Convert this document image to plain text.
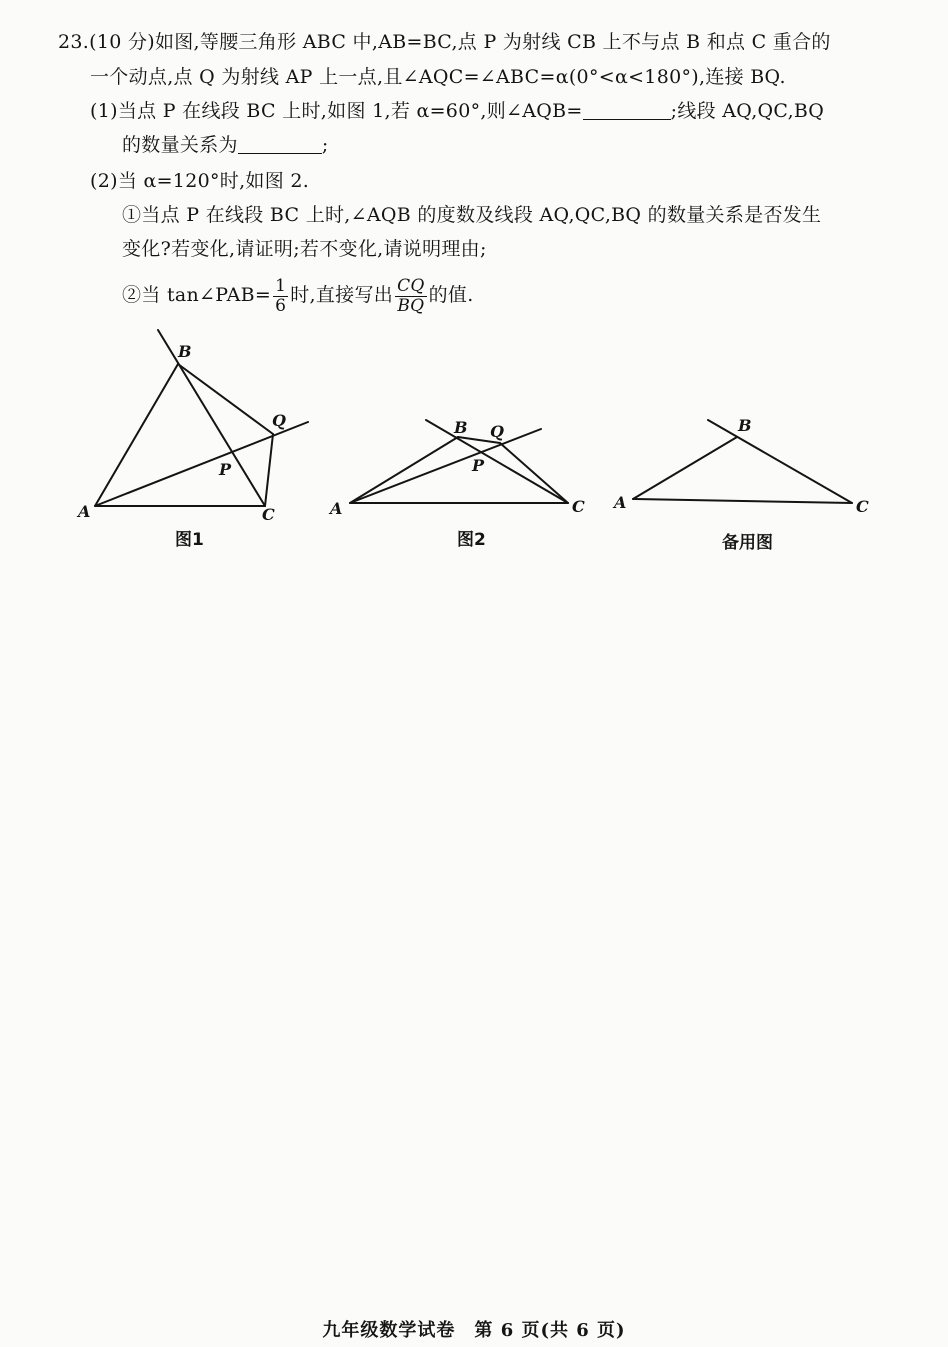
23.(10 分)如图,等腰三角形 ABC 中,AB=BC,点 P 为射线 CB 上不与点 B 和点 C 重合的
一个动点,点 Q 为射线 AP 上一点,且∠AQC=∠ABC=α(0°<α<180°),连接 BQ.
(1)当点 P 在线段 BC 上时,如图 1,若 α=60°,则∠AQB=	;线段 AQ,QC,BQ
的数量关系为	;
(2)当 α=120°时,如图 2.
①当点 P 在线段 BC 上时,∠AQB 的度数及线段 AQ,QC,BQ 的数量关系是否发生
变化?若变化,请证明;若不变化,请说明理由;
②当 tan∠PAB= $\frac{1}{6}$ 时,直接写出 $\frac{CQ}{BQ}$ 的值.
B
A	C
Q
P
B
A	C
Q
P
B
A	C
图1	图2	备用图
九年级数学试卷　第 6 页(共 6 页)
